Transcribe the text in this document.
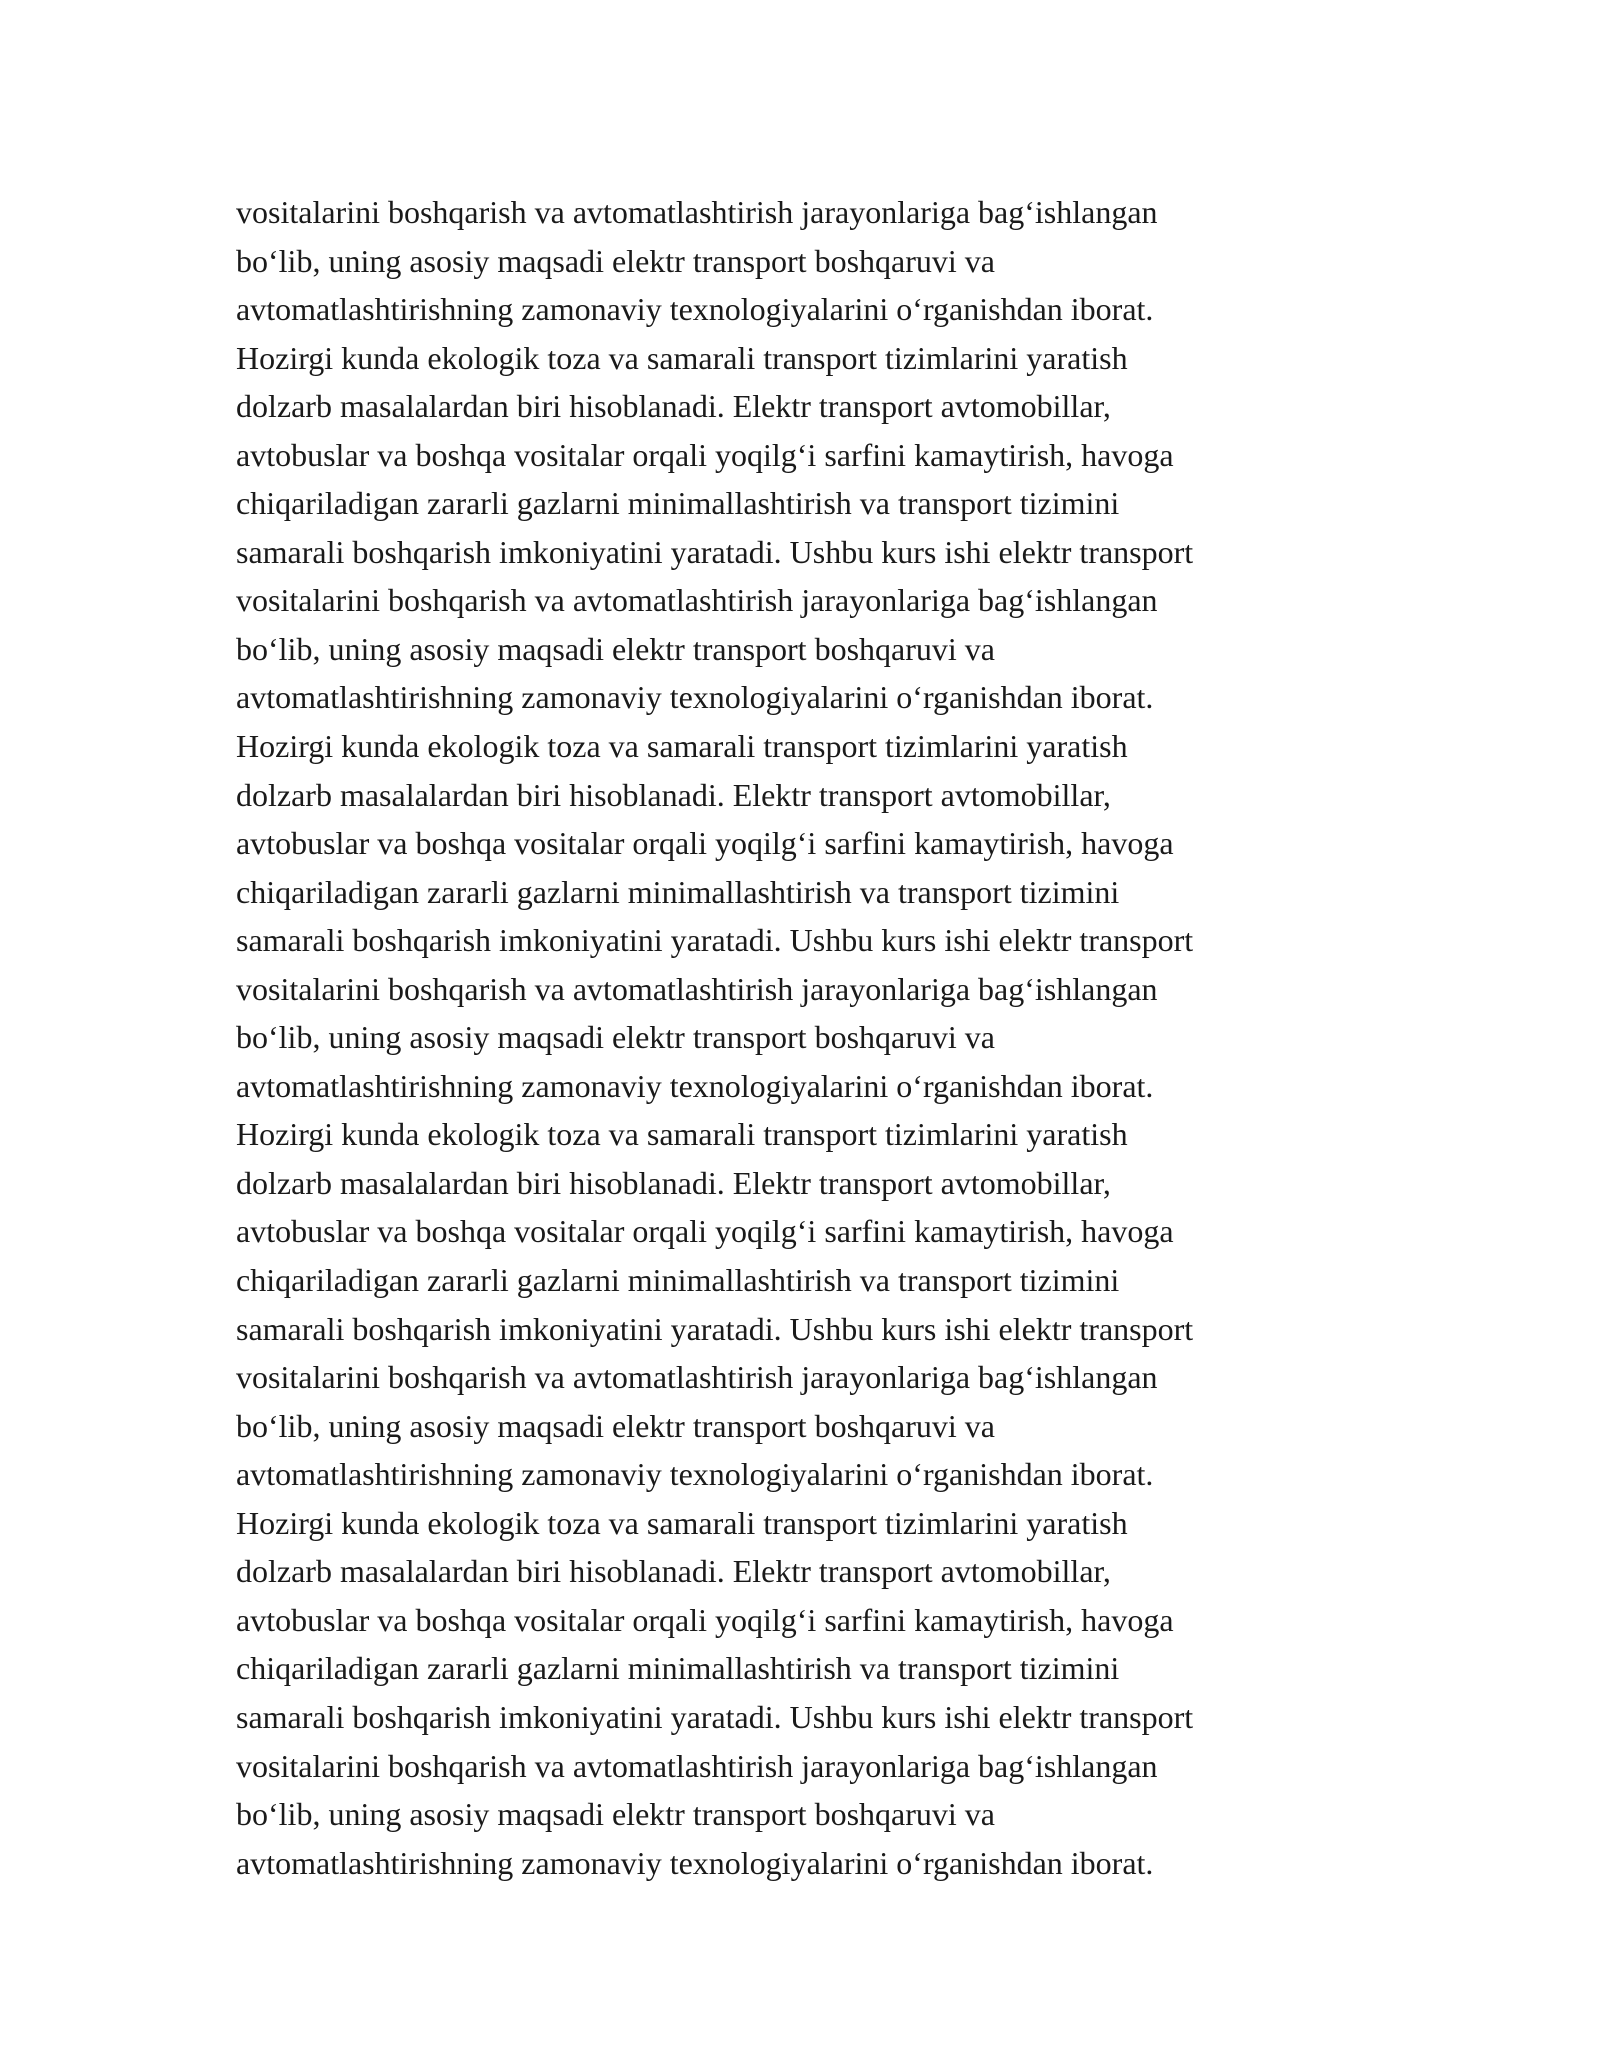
vositalarini boshqarish va avtomatlashtirish jarayonlariga bag‘ishlangan
bo‘lib, uning asosiy maqsadi elektr transport boshqaruvi va
avtomatlashtirishning zamonaviy texnologiyalarini o‘rganishdan iborat.
Hozirgi kunda ekologik toza va samarali transport tizimlarini yaratish
dolzarb masalalardan biri hisoblanadi. Elektr transport avtomobillar,
avtobuslar va boshqa vositalar orqali yoqilg‘i sarfini kamaytirish, havoga
chiqariladigan zararli gazlarni minimallashtirish va transport tizimini
samarali boshqarish imkoniyatini yaratadi. Ushbu kurs ishi elektr transport
vositalarini boshqarish va avtomatlashtirish jarayonlariga bag‘ishlangan
bo‘lib, uning asosiy maqsadi elektr transport boshqaruvi va
avtomatlashtirishning zamonaviy texnologiyalarini o‘rganishdan iborat.
Hozirgi kunda ekologik toza va samarali transport tizimlarini yaratish
dolzarb masalalardan biri hisoblanadi. Elektr transport avtomobillar,
avtobuslar va boshqa vositalar orqali yoqilg‘i sarfini kamaytirish, havoga
chiqariladigan zararli gazlarni minimallashtirish va transport tizimini
samarali boshqarish imkoniyatini yaratadi. Ushbu kurs ishi elektr transport
vositalarini boshqarish va avtomatlashtirish jarayonlariga bag‘ishlangan
bo‘lib, uning asosiy maqsadi elektr transport boshqaruvi va
avtomatlashtirishning zamonaviy texnologiyalarini o‘rganishdan iborat.
Hozirgi kunda ekologik toza va samarali transport tizimlarini yaratish
dolzarb masalalardan biri hisoblanadi. Elektr transport avtomobillar,
avtobuslar va boshqa vositalar orqali yoqilg‘i sarfini kamaytirish, havoga
chiqariladigan zararli gazlarni minimallashtirish va transport tizimini
samarali boshqarish imkoniyatini yaratadi. Ushbu kurs ishi elektr transport
vositalarini boshqarish va avtomatlashtirish jarayonlariga bag‘ishlangan
bo‘lib, uning asosiy maqsadi elektr transport boshqaruvi va
avtomatlashtirishning zamonaviy texnologiyalarini o‘rganishdan iborat.
Hozirgi kunda ekologik toza va samarali transport tizimlarini yaratish
dolzarb masalalardan biri hisoblanadi. Elektr transport avtomobillar,
avtobuslar va boshqa vositalar orqali yoqilg‘i sarfini kamaytirish, havoga
chiqariladigan zararli gazlarni minimallashtirish va transport tizimini
samarali boshqarish imkoniyatini yaratadi. Ushbu kurs ishi elektr transport
vositalarini boshqarish va avtomatlashtirish jarayonlariga bag‘ishlangan
bo‘lib, uning asosiy maqsadi elektr transport boshqaruvi va
avtomatlashtirishning zamonaviy texnologiyalarini o‘rganishdan iborat.
